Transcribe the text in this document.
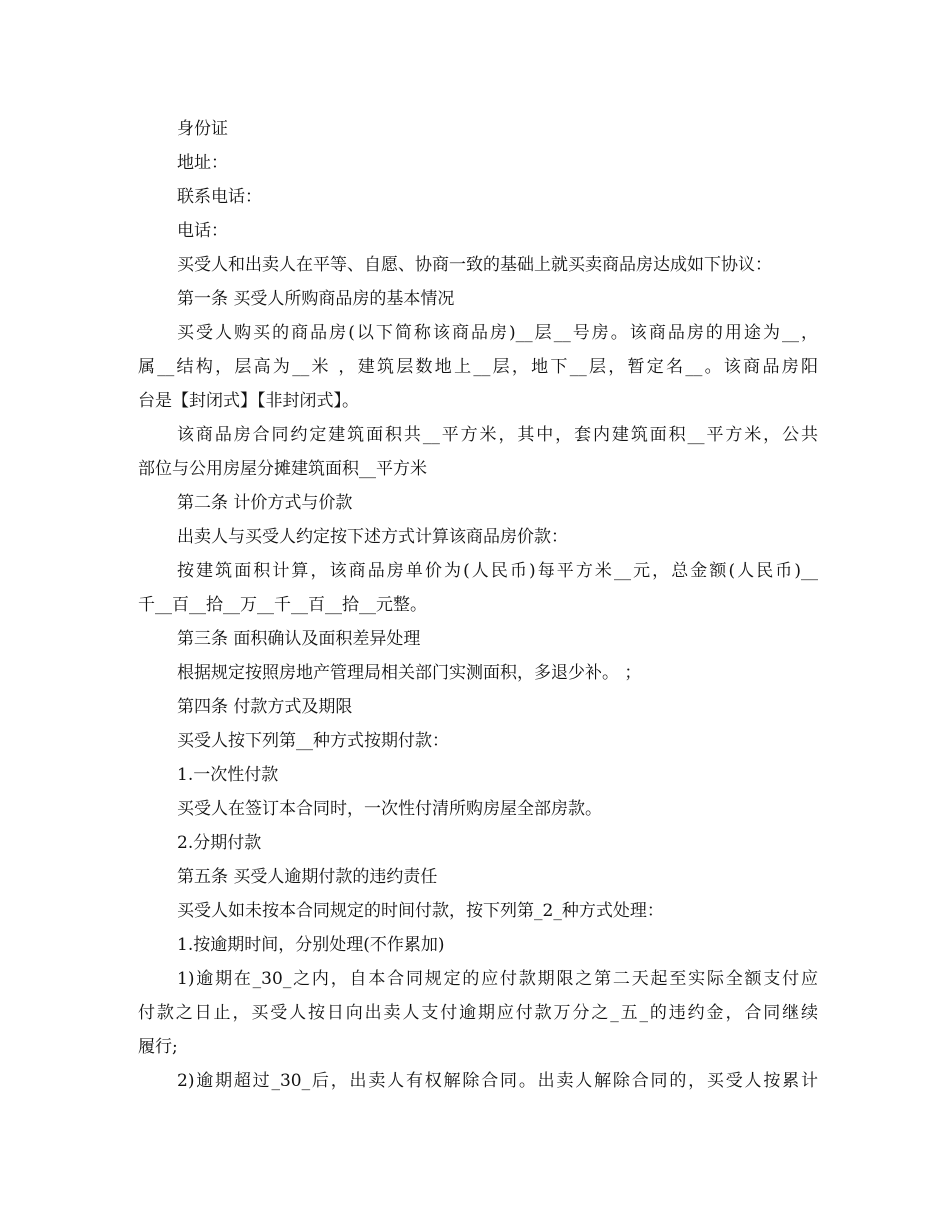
身份证
地址：
联系电话：
电话：
买受人和出卖人在平等、自愿、协商一致的基础上就买卖商品房达成如下协议：
第一条 买受人所购商品房的基本情况
买受人购买的商品房(以下简称该商品房)__层__号房。该商品房的用途为__，
属__结构，层高为__米 ，建筑层数地上__层，地下__层，暂定名__。该商品房阳
台是【封闭式】【非封闭式】。
该商品房合同约定建筑面积共__平方米，其中，套内建筑面积__平方米，公共
部位与公用房屋分摊建筑面积__平方米
第二条 计价方式与价款
出卖人与买受人约定按下述方式计算该商品房价款：
按建筑面积计算，该商品房单价为(人民币)每平方米__元，总金额(人民币)__
千__百__拾__万__千__百__拾__元整。
第三条 面积确认及面积差异处理
根据规定按照房地产管理局相关部门实测面积，多退少补。 ；
第四条 付款方式及期限
买受人按下列第__种方式按期付款：
1.一次性付款
买受人在签订本合同时，一次性付清所购房屋全部房款。
2.分期付款
第五条 买受人逾期付款的违约责任
买受人如未按本合同规定的时间付款，按下列第_2_种方式处理：
1.按逾期时间，分别处理(不作累加)
1)逾期在_30_之内，自本合同规定的应付款期限之第二天起至实际全额支付应
付款之日止，买受人按日向出卖人支付逾期应付款万分之_五_的违约金，合同继续
履行;
2)逾期超过_30_后，出卖人有权解除合同。出卖人解除合同的，买受人按累计
